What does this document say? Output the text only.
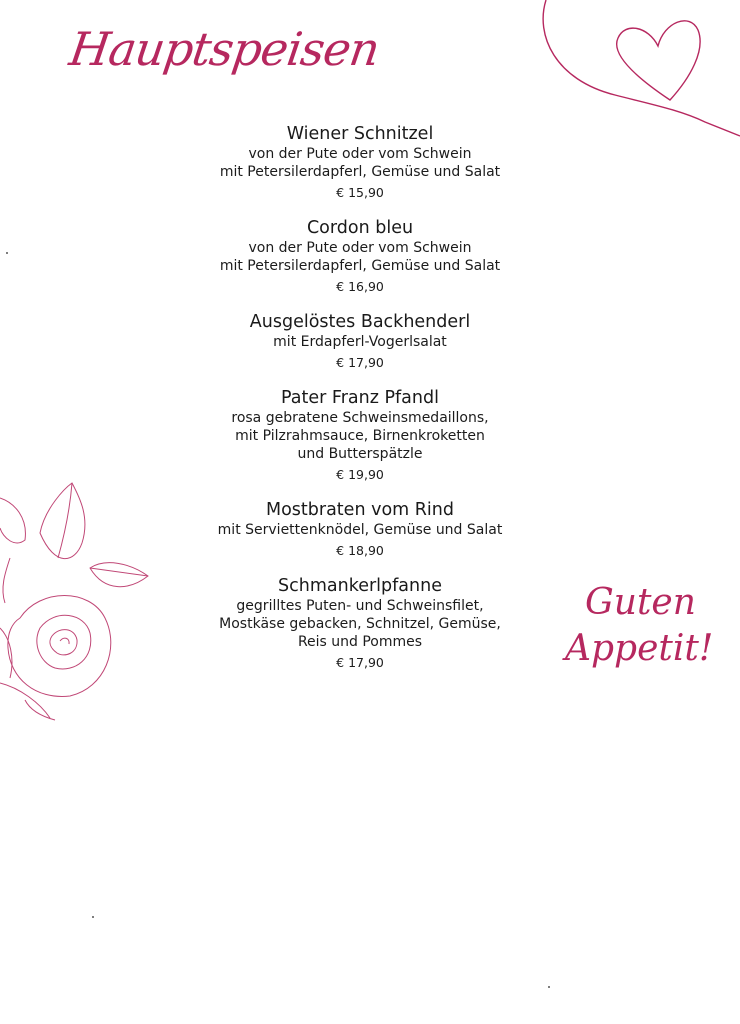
Hauptspeisen
Wiener Schnitzel
von der Pute oder vom Schwein
mit Petersilerdapferl, Gemüse und Salat
€ 15,90
Cordon bleu
von der Pute oder vom Schwein
mit Petersilerdapferl, Gemüse und Salat
€ 16,90
Ausgelöstes Backhenderl
mit Erdapferl-Vogerlsalat
€ 17,90
Pater Franz Pfandl
rosa gebratene Schweinsmedaillons,
mit Pilzrahmsauce, Birnenkroketten
und Butterspätzle
€ 19,90
Mostbraten vom Rind
mit Serviettenknödel, Gemüse und Salat
€ 18,90
Schmankerlpfanne
gegrilltes Puten- und Schweinsfilet,
Mostkäse gebacken, Schnitzel, Gemüse,
Reis und Pommes
€ 17,90
Guten
Appetit!
